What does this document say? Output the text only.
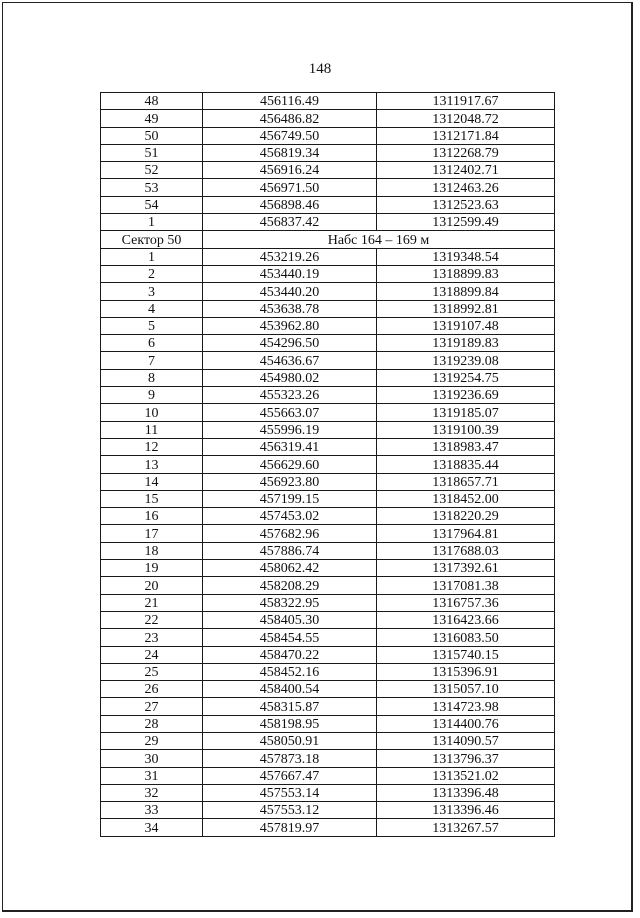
148
48	456116.49	1311917.67
49	456486.82	1312048.72
50	456749.50	1312171.84
51	456819.34	1312268.79
52	456916.24	1312402.71
53	456971.50	1312463.26
54	456898.46	1312523.63
1	456837.42	1312599.49
Сектор 50	Набс 164 – 169 м	
1	453219.26	1319348.54
2	453440.19	1318899.83
3	453440.20	1318899.84
4	453638.78	1318992.81
5	453962.80	1319107.48
6	454296.50	1319189.83
7	454636.67	1319239.08
8	454980.02	1319254.75
9	455323.26	1319236.69
10	455663.07	1319185.07
11	455996.19	1319100.39
12	456319.41	1318983.47
13	456629.60	1318835.44
14	456923.80	1318657.71
15	457199.15	1318452.00
16	457453.02	1318220.29
17	457682.96	1317964.81
18	457886.74	1317688.03
19	458062.42	1317392.61
20	458208.29	1317081.38
21	458322.95	1316757.36
22	458405.30	1316423.66
23	458454.55	1316083.50
24	458470.22	1315740.15
25	458452.16	1315396.91
26	458400.54	1315057.10
27	458315.87	1314723.98
28	458198.95	1314400.76
29	458050.91	1314090.57
30	457873.18	1313796.37
31	457667.47	1313521.02
32	457553.14	1313396.48
33	457553.12	1313396.46
34	457819.97	1313267.57
